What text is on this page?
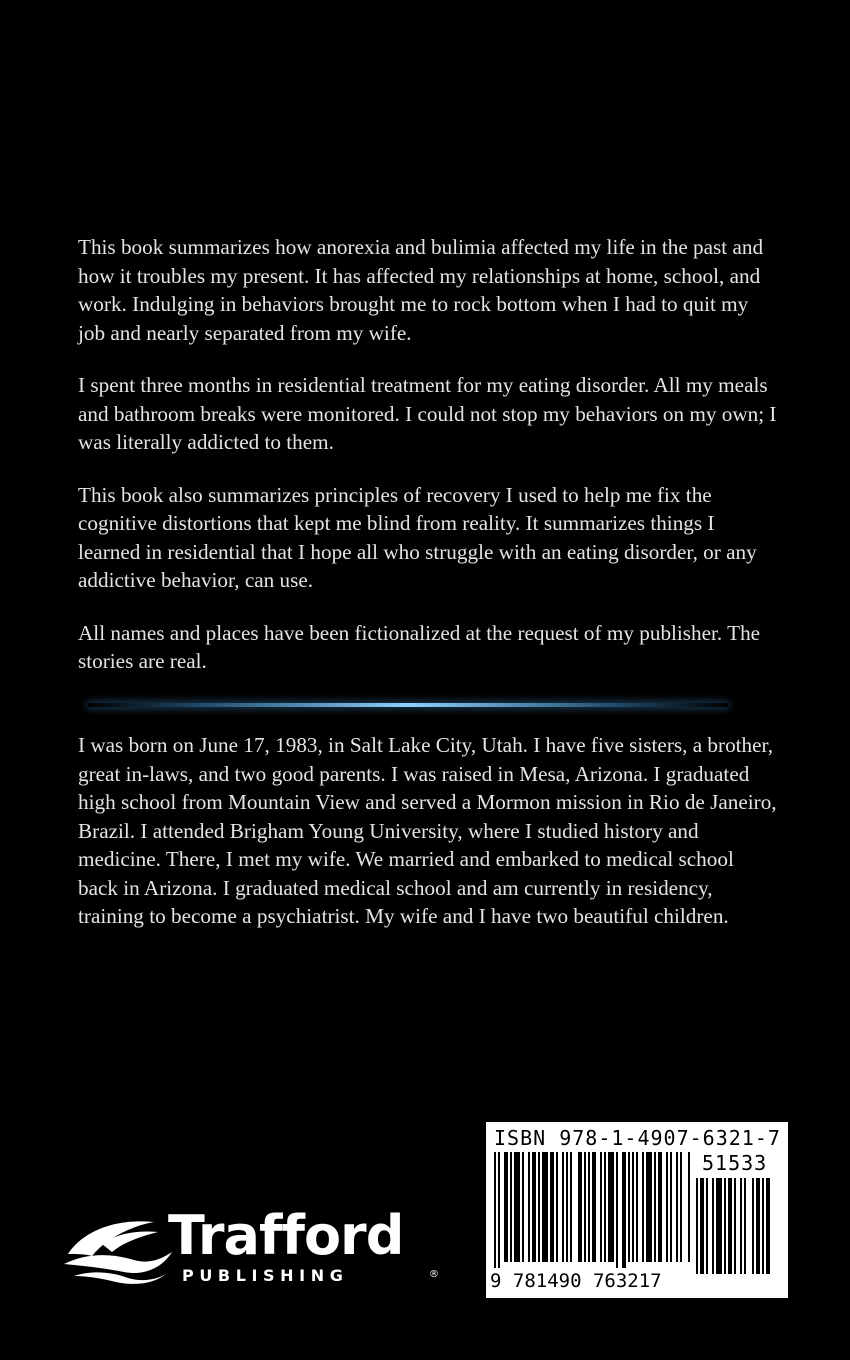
This book summarizes how anorexia and bulimia affected my life in the past and how it troubles my present. It has affected my relationships at home, school, and work. Indulging in behaviors brought me to rock bottom when I had to quit my job and nearly separated from my wife.

I spent three months in residential treatment for my eating disorder. All my meals and bathroom breaks were monitored. I could not stop my behaviors on my own; I was literally addicted to them.

This book also summarizes principles of recovery I used to help me fix the cognitive distortions that kept me blind from reality. It summarizes things I learned in residential that I hope all who struggle with an eating disorder, or any addictive behavior, can use.

All names and places have been fictionalized at the request of my publisher. The stories are real.

I was born on June 17, 1983, in Salt Lake City, Utah. I have five sisters, a brother, great in-laws, and two good parents. I was raised in Mesa, Arizona. I graduated high school from Mountain View and served a Mormon mission in Rio de Janeiro, Brazil. I attended Brigham Young University, where I studied history and medicine. There, I met my wife. We married and embarked to medical school back in Arizona. I graduated medical school and am currently in residency, training to become a psychiatrist. My wife and I have two beautiful children.

Trafford
PUBLISHING	®
ISBN 978-1-4907-6321-7
9 781490 763217
51533
